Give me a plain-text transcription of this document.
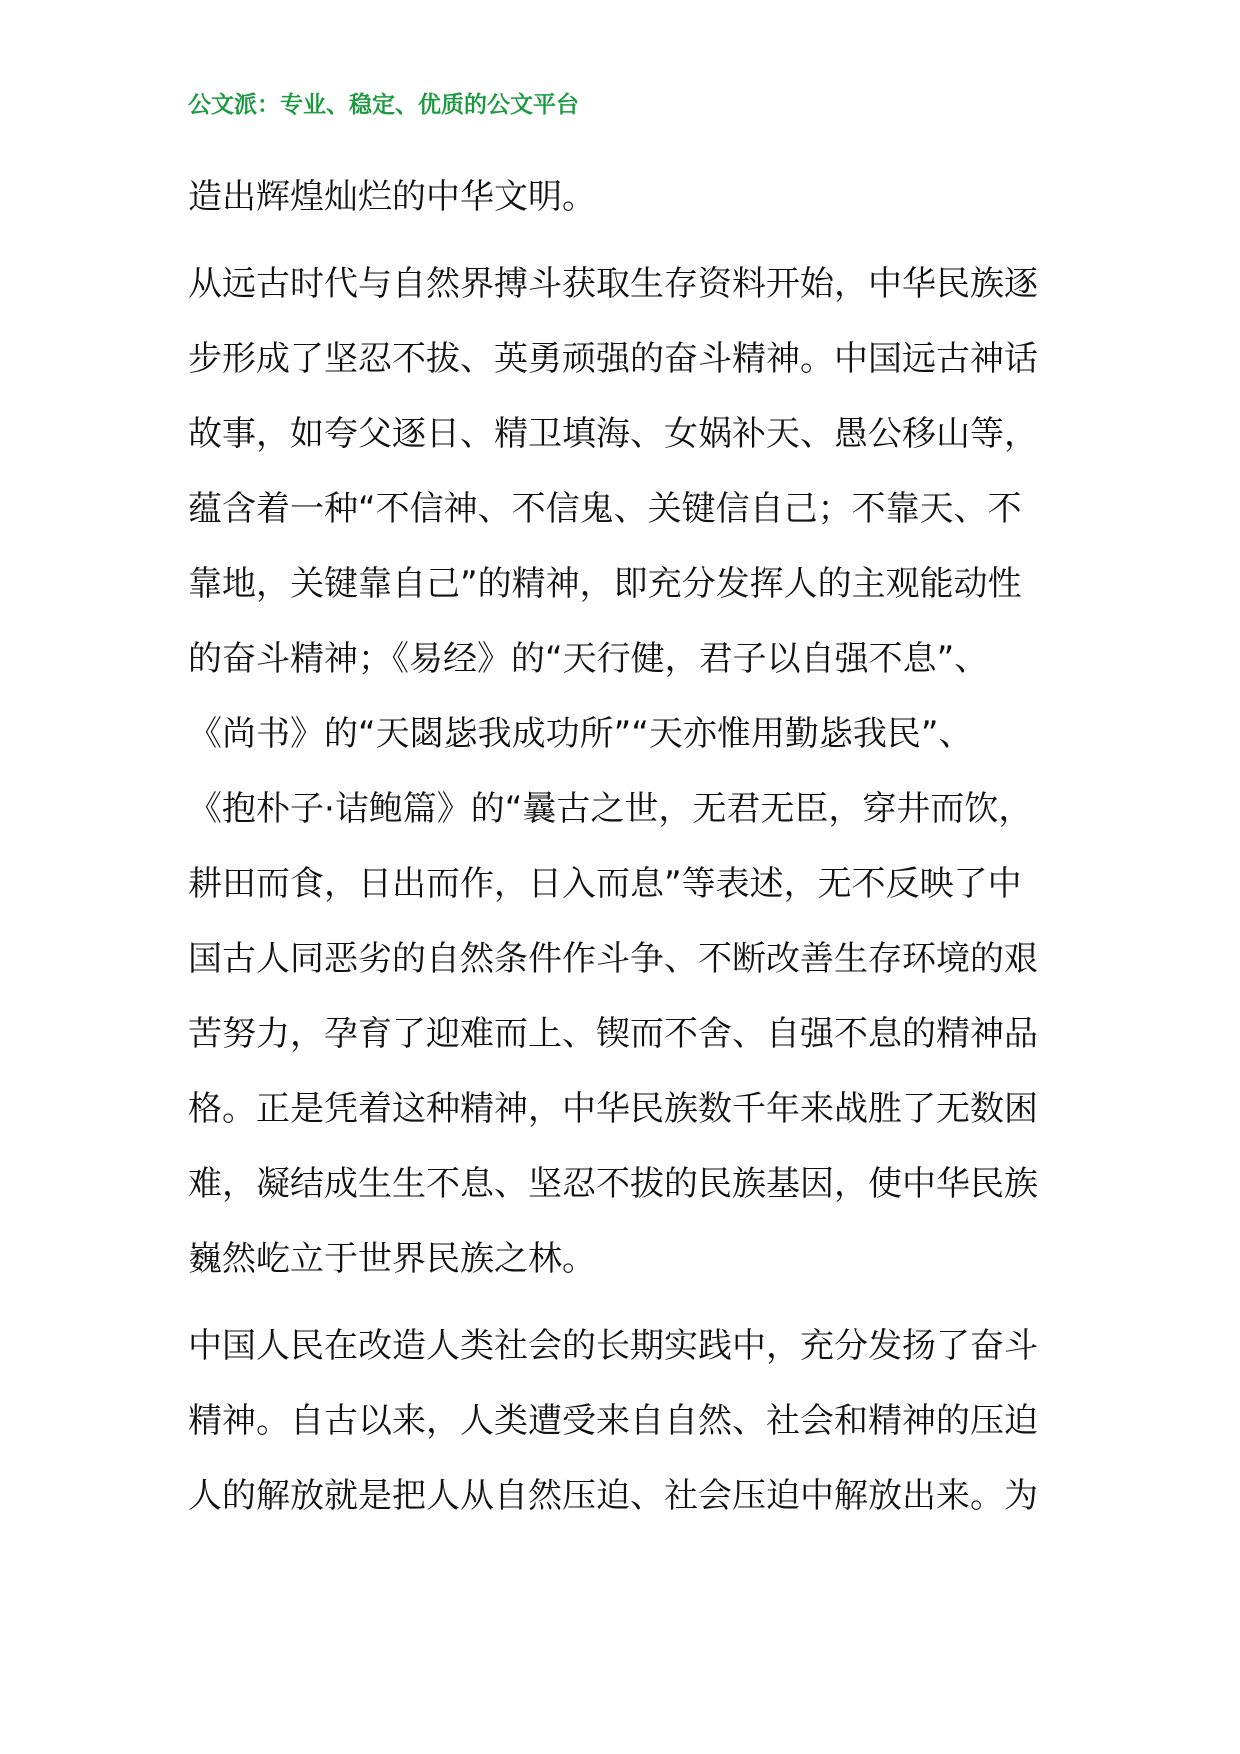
公文派：专业、稳定、优质的公文平台
造出辉煌灿烂的中华文明。
从远古时代与自然界搏斗获取生存资料开始，中华民族逐
步形成了坚忍不拔、英勇顽强的奋斗精神。中国远古神话
故事，如夸父逐日、精卫填海、女娲补天、愚公移山等，
蕴含着一种“不信神、不信鬼、关键信自己；不靠天、不
靠地，关键靠自己”的精神，即充分发挥人的主观能动性
的奋斗精神；《易经》的“天行健，君子以自强不息”、
《尚书》的“天閟毖我成功所”“天亦惟用勤毖我民”、
《抱朴子·诘鲍篇》的“曩古之世，无君无臣，穿井而饮，
耕田而食，日出而作，日入而息”等表述，无不反映了中
国古人同恶劣的自然条件作斗争、不断改善生存环境的艰
苦努力，孕育了迎难而上、锲而不舍、自强不息的精神品
格。正是凭着这种精神，中华民族数千年来战胜了无数困
难，凝结成生生不息、坚忍不拔的民族基因，使中华民族
巍然屹立于世界民族之林。
中国人民在改造人类社会的长期实践中，充分发扬了奋斗
精神。自古以来，人类遭受来自自然、社会和精神的压迫
人的解放就是把人从自然压迫、社会压迫中解放出来。为
